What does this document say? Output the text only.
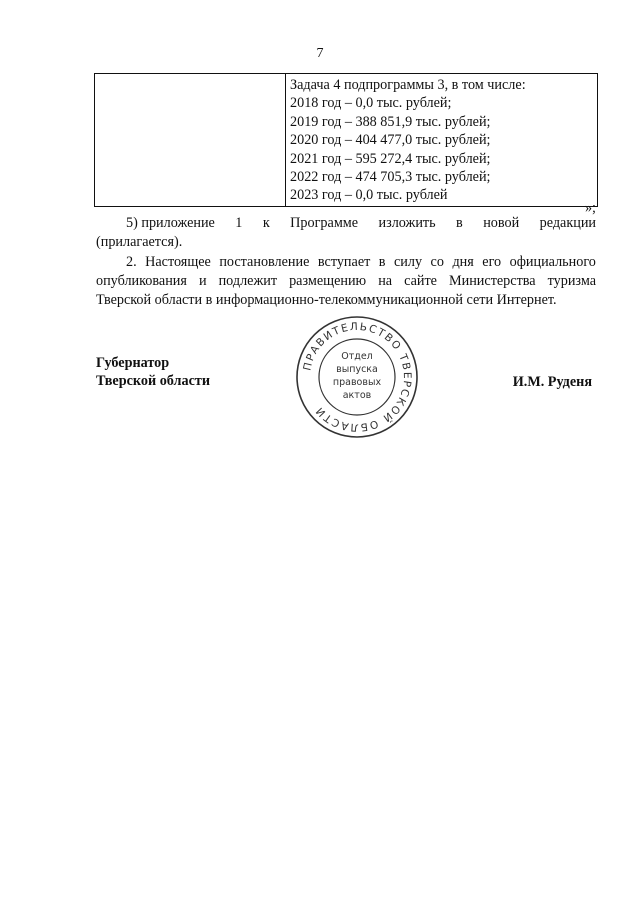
7

Задача 4 подпрограммы 3, в том числе:
2018 год – 0,0 тыс. рублей;
2019 год – 388 851,9 тыс. рублей;
2020 год – 404 477,0 тыс. рублей;
2021 год – 595 272,4 тыс. рублей;
2022 год – 474 705,3 тыс. рублей;
2023 год – 0,0 тыс. рублей
»;
5) приложение 1 к Программе изложить в новой редакции
(прилагается).
2. Настоящее постановление вступает в силу со дня его официального
опубликования и подлежит размещению на сайте Министерства туризма
Тверской области в информационно-телекоммуникационной сети Интернет.
Губернатор
Тверской области	И.М. Руденя
ПРАВИТЕЛЬСТВО ТВЕРСКОЙ ОБЛАСТИ
Отдел
выпуска
правовых
актов
